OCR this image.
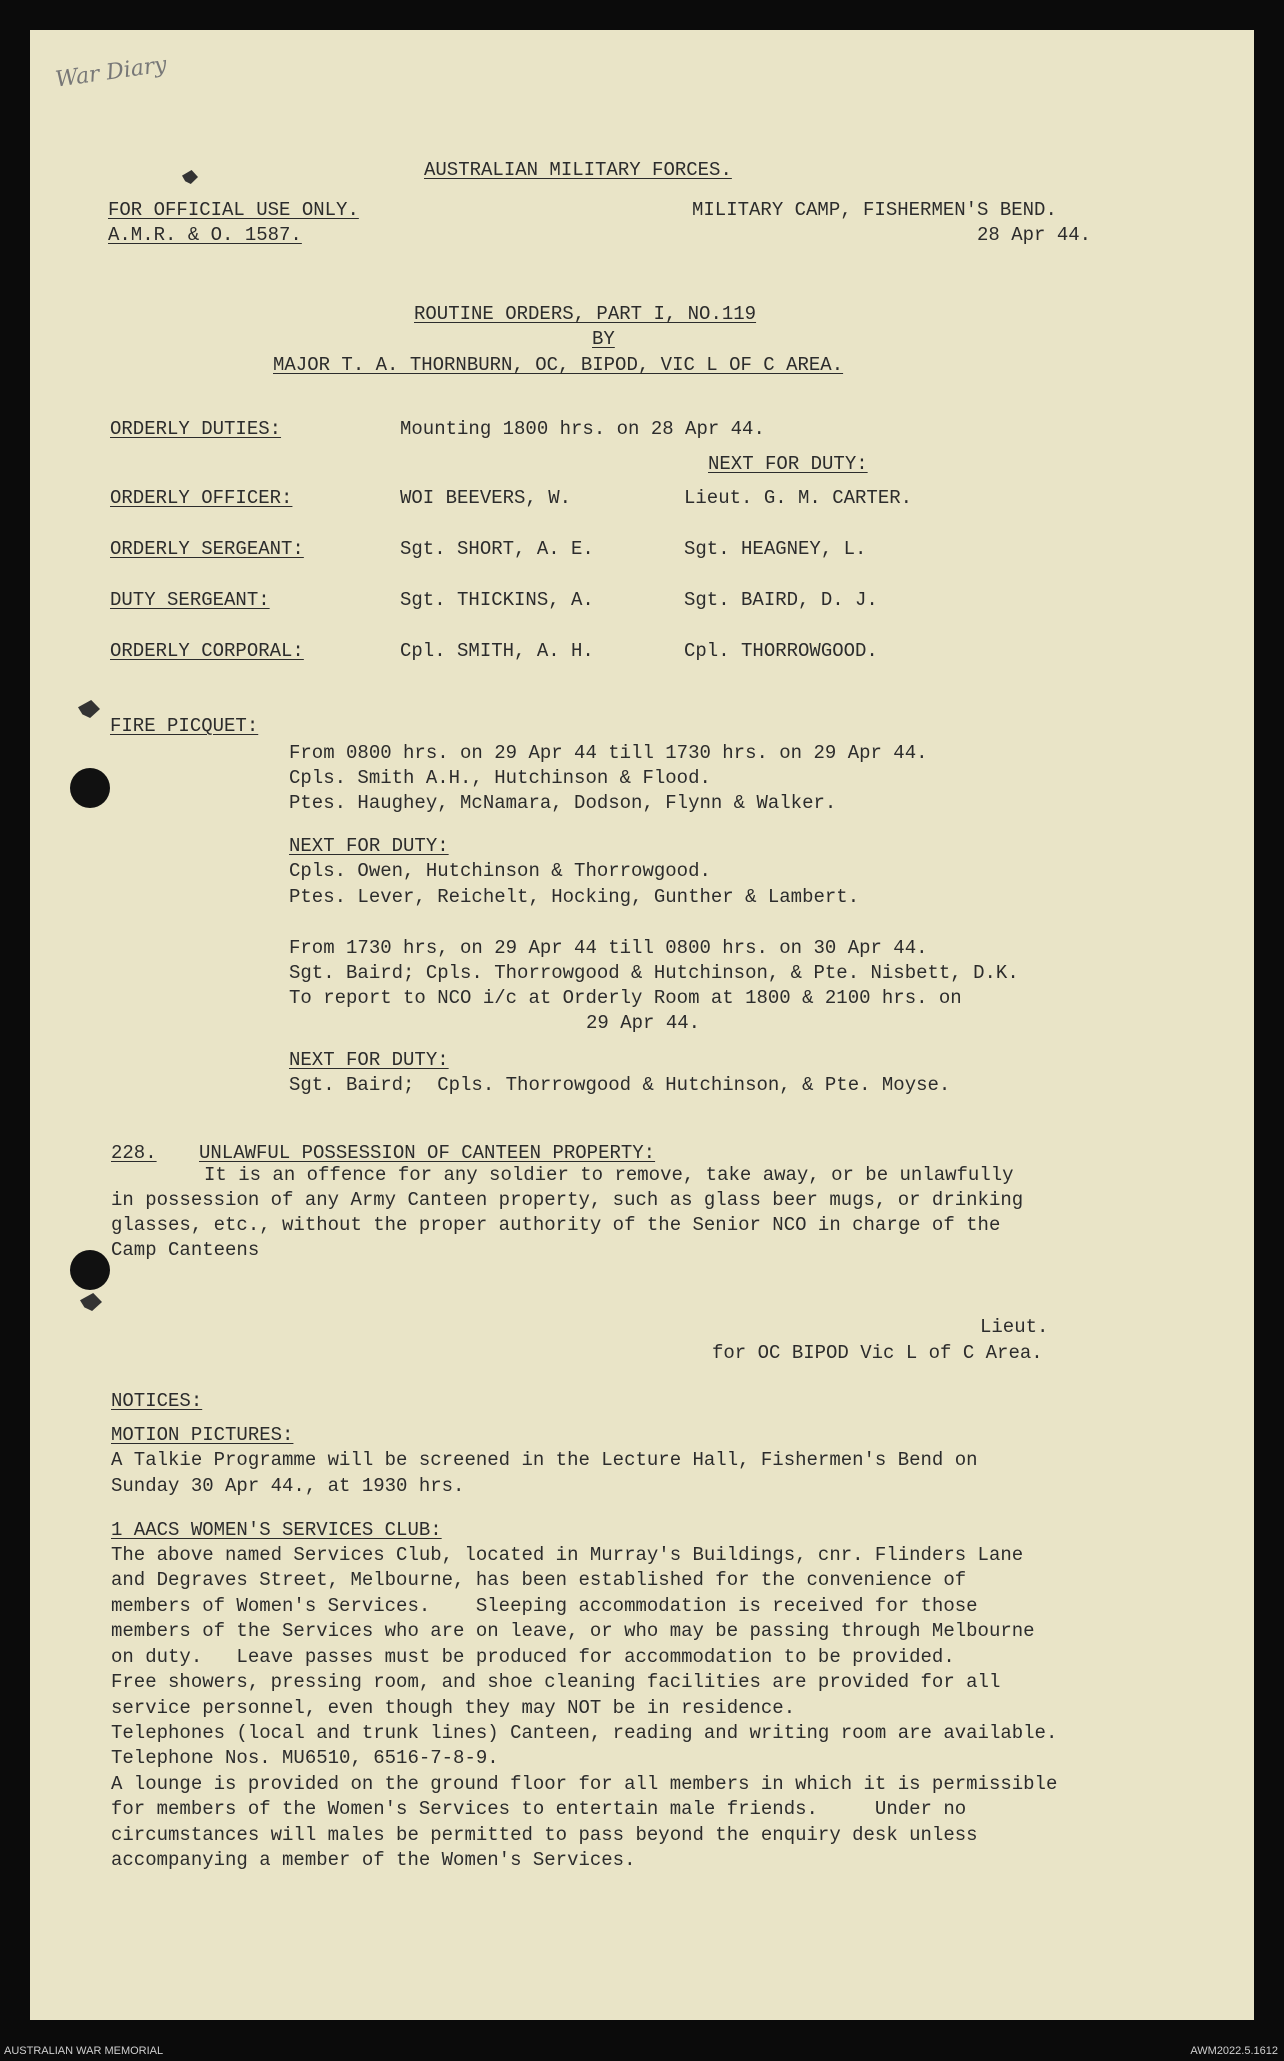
War Diary
AUSTRALIAN MILITARY FORCES.
FOR OFFICIAL USE ONLY.
A.M.R. & O. 1587.
MILITARY CAMP, FISHERMEN'S BEND.
28 Apr 44.
ROUTINE ORDERS, PART I, NO.119
BY
MAJOR T. A. THORNBURN, OC, BIPOD, VIC L OF C AREA.
ORDERLY DUTIES:	Mounting 1800 hrs. on 28 Apr 44.
NEXT FOR DUTY:
ORDERLY OFFICER:	WOI BEEVERS, W.	Lieut. G. M. CARTER.
ORDERLY SERGEANT:	Sgt. SHORT, A. E.	Sgt. HEAGNEY, L.
DUTY SERGEANT:	Sgt. THICKINS, A.	Sgt. BAIRD, D. J.
ORDERLY CORPORAL:	Cpl. SMITH, A. H.	Cpl. THORROWGOOD.
FIRE PICQUET:
From 0800 hrs. on 29 Apr 44 till 1730 hrs. on 29 Apr 44.
Cpls. Smith A.H., Hutchinson & Flood.
Ptes. Haughey, McNamara, Dodson, Flynn & Walker.
NEXT FOR DUTY:
Cpls. Owen, Hutchinson & Thorrowgood.
Ptes. Lever, Reichelt, Hocking, Gunther & Lambert.
From 1730 hrs, on 29 Apr 44 till 0800 hrs. on 30 Apr 44.
Sgt. Baird; Cpls. Thorrowgood & Hutchinson, & Pte. Nisbett, D.K.
To report to NCO i/c at Orderly Room at 1800 & 2100 hrs. on
29 Apr 44.
NEXT FOR DUTY:
Sgt. Baird;  Cpls. Thorrowgood & Hutchinson, & Pte. Moyse.
228. UNLAWFUL POSSESSION OF CANTEEN PROPERTY:
It is an offence for any soldier to remove, take away, or be unlawfully
in possession of any Army Canteen property, such as glass beer mugs, or drinking
glasses, etc., without the proper authority of the Senior NCO in charge of the
Camp Canteens
Lieut.
for OC BIPOD Vic L of C Area.
NOTICES:
MOTION PICTURES:
A Talkie Programme will be screened in the Lecture Hall, Fishermen's Bend on
Sunday 30 Apr 44., at 1930 hrs.
1 AACS WOMEN'S SERVICES CLUB:
The above named Services Club, located in Murray's Buildings, cnr. Flinders Lane
and Degraves Street, Melbourne, has been established for the convenience of
members of Women's Services.    Sleeping accommodation is received for those
members of the Services who are on leave, or who may be passing through Melbourne
on duty.   Leave passes must be produced for accommodation to be provided.
Free showers, pressing room, and shoe cleaning facilities are provided for all
service personnel, even though they may NOT be in residence.
Telephones (local and trunk lines) Canteen, reading and writing room are available.
Telephone Nos. MU6510, 6516-7-8-9.
A lounge is provided on the ground floor for all members in which it is permissible
for members of the Women's Services to entertain male friends.     Under no
circumstances will males be permitted to pass beyond the enquiry desk unless
accompanying a member of the Women's Services.
AUSTRALIAN WAR MEMORIAL	AWM2022.5.1612
